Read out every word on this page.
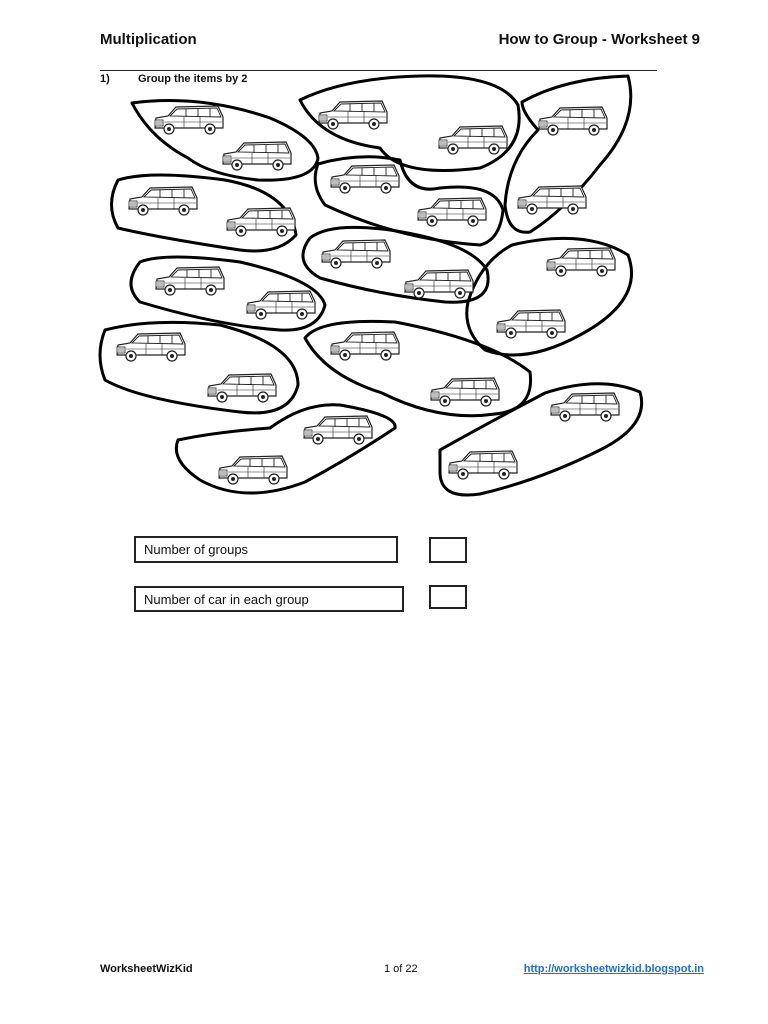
Multiplication	How to Group - Worksheet 9
1)	Group the items by 2
Number of groups
Number of car in each group
WorksheetWizKid	1 of 22	http://worksheetwizkid.blogspot.in
